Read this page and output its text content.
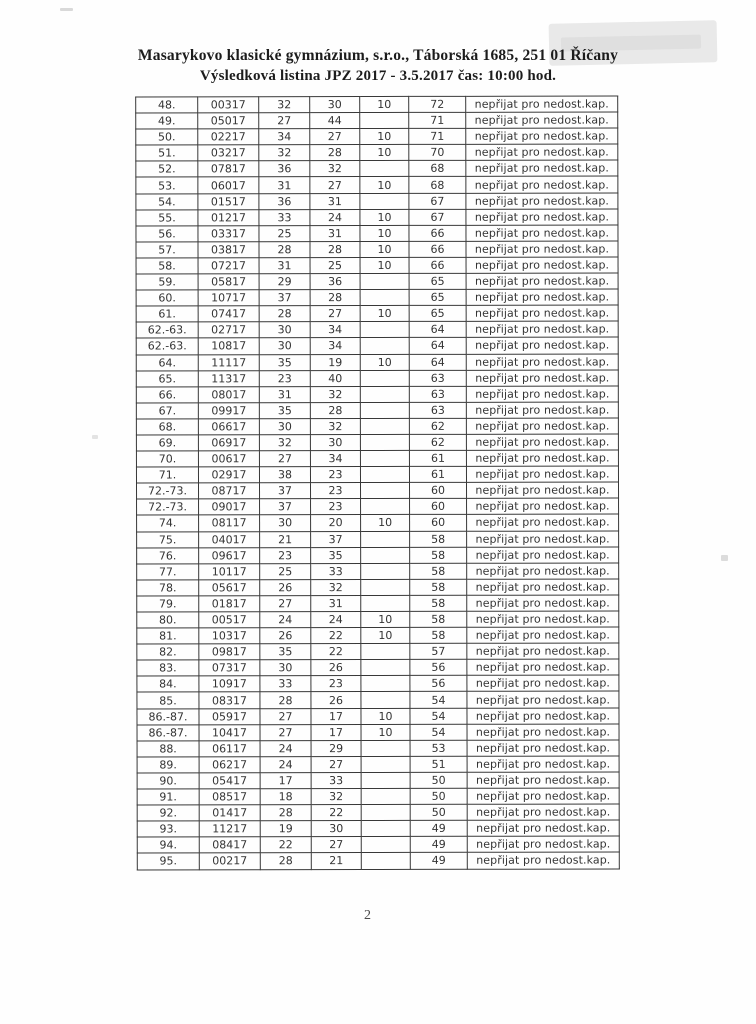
Masarykovo klasické gymnázium, s.r.o., Táborská 1685, 251 01 Říčany
Výsledková listina JPZ 2017 - 3.5.2017 čas: 10:00 hod.
48.	00317	32	30	10	72	nepřijat pro nedost.kap.
49.	05017	27	44		71	nepřijat pro nedost.kap.
50.	02217	34	27	10	71	nepřijat pro nedost.kap.
51.	03217	32	28	10	70	nepřijat pro nedost.kap.
52.	07817	36	32		68	nepřijat pro nedost.kap.
53.	06017	31	27	10	68	nepřijat pro nedost.kap.
54.	01517	36	31		67	nepřijat pro nedost.kap.
55.	01217	33	24	10	67	nepřijat pro nedost.kap.
56.	03317	25	31	10	66	nepřijat pro nedost.kap.
57.	03817	28	28	10	66	nepřijat pro nedost.kap.
58.	07217	31	25	10	66	nepřijat pro nedost.kap.
59.	05817	29	36		65	nepřijat pro nedost.kap.
60.	10717	37	28		65	nepřijat pro nedost.kap.
61.	07417	28	27	10	65	nepřijat pro nedost.kap.
62.-63.	02717	30	34		64	nepřijat pro nedost.kap.
62.-63.	10817	30	34		64	nepřijat pro nedost.kap.
64.	11117	35	19	10	64	nepřijat pro nedost.kap.
65.	11317	23	40		63	nepřijat pro nedost.kap.
66.	08017	31	32		63	nepřijat pro nedost.kap.
67.	09917	35	28		63	nepřijat pro nedost.kap.
68.	06617	30	32		62	nepřijat pro nedost.kap.
69.	06917	32	30		62	nepřijat pro nedost.kap.
70.	00617	27	34		61	nepřijat pro nedost.kap.
71.	02917	38	23		61	nepřijat pro nedost.kap.
72.-73.	08717	37	23		60	nepřijat pro nedost.kap.
72.-73.	09017	37	23		60	nepřijat pro nedost.kap.
74.	08117	30	20	10	60	nepřijat pro nedost.kap.
75.	04017	21	37		58	nepřijat pro nedost.kap.
76.	09617	23	35		58	nepřijat pro nedost.kap.
77.	10117	25	33		58	nepřijat pro nedost.kap.
78.	05617	26	32		58	nepřijat pro nedost.kap.
79.	01817	27	31		58	nepřijat pro nedost.kap.
80.	00517	24	24	10	58	nepřijat pro nedost.kap.
81.	10317	26	22	10	58	nepřijat pro nedost.kap.
82.	09817	35	22		57	nepřijat pro nedost.kap.
83.	07317	30	26		56	nepřijat pro nedost.kap.
84.	10917	33	23		56	nepřijat pro nedost.kap.
85.	08317	28	26		54	nepřijat pro nedost.kap.
86.-87.	05917	27	17	10	54	nepřijat pro nedost.kap.
86.-87.	10417	27	17	10	54	nepřijat pro nedost.kap.
88.	06117	24	29		53	nepřijat pro nedost.kap.
89.	06217	24	27		51	nepřijat pro nedost.kap.
90.	05417	17	33		50	nepřijat pro nedost.kap.
91.	08517	18	32		50	nepřijat pro nedost.kap.
92.	01417	28	22		50	nepřijat pro nedost.kap.
93.	11217	19	30		49	nepřijat pro nedost.kap.
94.	08417	22	27		49	nepřijat pro nedost.kap.
95.	00217	28	21		49	nepřijat pro nedost.kap.
2
